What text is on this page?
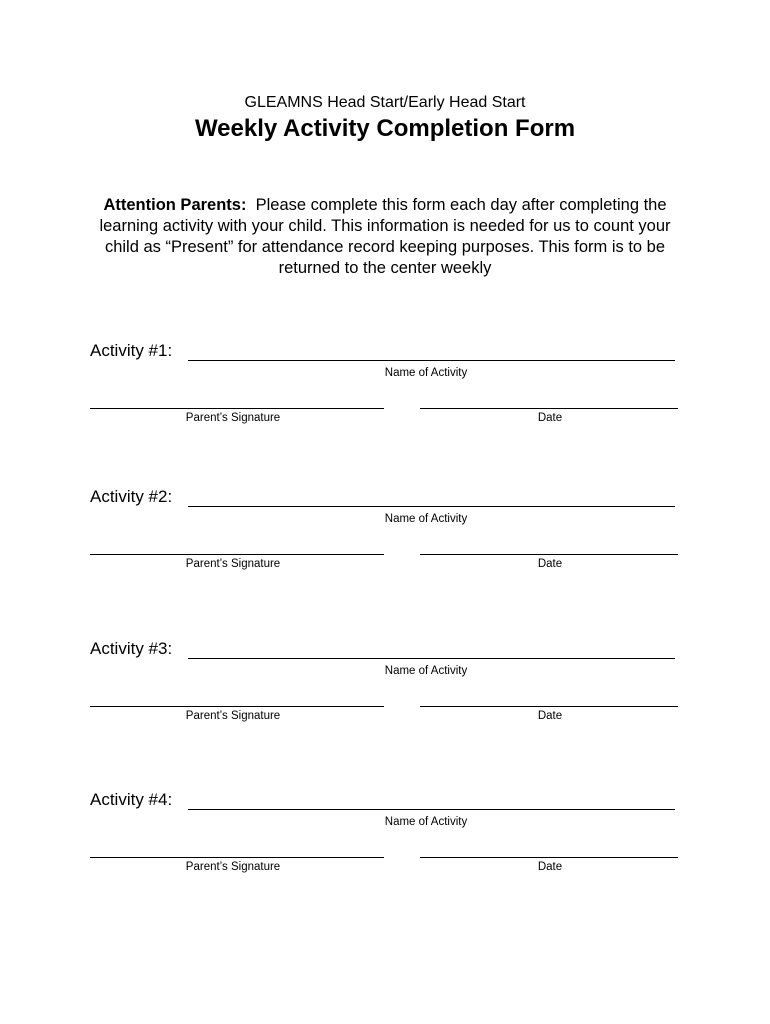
GLEAMNS Head Start/Early Head Start
Weekly Activity Completion Form
Attention Parents: Please complete this form each day after completing the learning activity with your child. This information is needed for us to count your child as “Present” for attendance record keeping purposes. This form is to be returned to the center weekly
Activity #1:
Name of Activity
Parent’s Signature	Date
Activity #2:
Name of Activity
Parent’s Signature	Date
Activity #3:
Name of Activity
Parent’s Signature	Date
Activity #4:
Name of Activity
Parent’s Signature	Date
